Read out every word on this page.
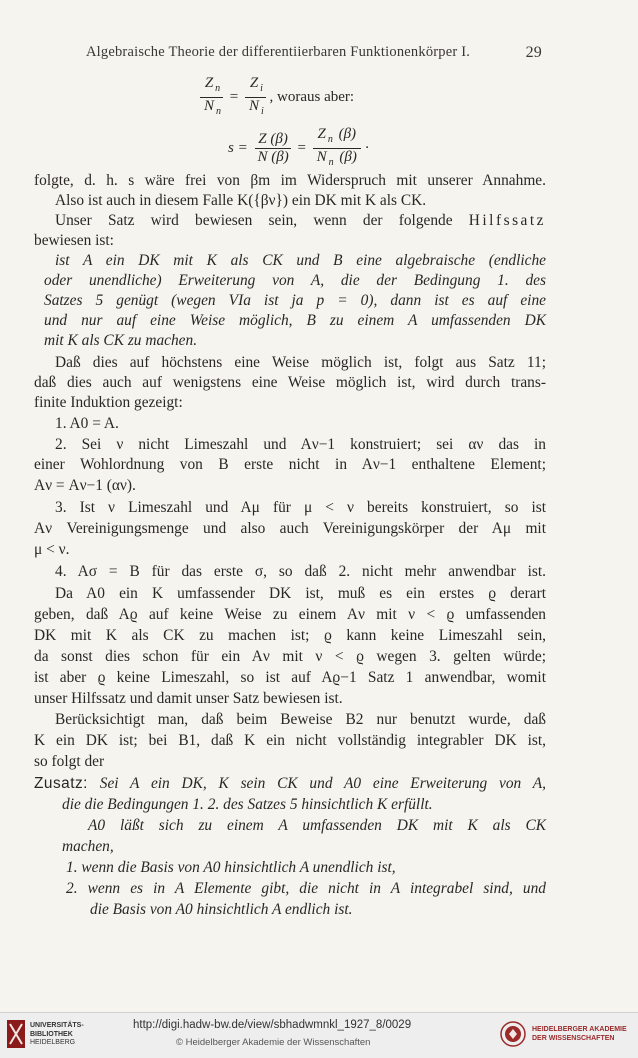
Algebraische Theorie der differentiierbaren Funktionenkörper I.	29
$\frac{Z _n}{N _n} = \frac{Z _i}{N _i}$ , woraus aber:
$s = \frac{Z (\beta)}{N (\beta)} = \frac{Z _n (\beta)}{N _n (\beta)}$ ·
folgte, d. h. s wäre frei von βm im Widerspruch mit unserer Annahme.
Also ist auch in diesem Falle K({βν}) ein DK mit K als CK.
Unser Satz wird bewiesen sein, wenn der folgende Hilfssatz
bewiesen ist:
ist A ein DK mit K als CK und B eine algebraische (endliche
oder unendliche) Erweiterung von A, die der Bedingung 1. des
Satzes 5 genügt (wegen VIa ist ja p = 0), dann ist es auf eine
und nur auf eine Weise möglich, B zu einem A umfassenden DK
mit K als CK zu machen.
Daß dies auf höchstens eine Weise möglich ist, folgt aus Satz 11;
daß dies auch auf wenigstens eine Weise möglich ist, wird durch trans-
finite Induktion gezeigt:
1. A0 = A.
2. Sei ν nicht Limeszahl und Aν−1 konstruiert; sei αν das in
einer Wohlordnung von B erste nicht in Aν−1 enthaltene Element;
Aν = Aν−1 (αν).
3. Ist ν Limeszahl und Aμ für μ < ν bereits konstruiert, so ist
Aν Vereinigungsmenge und also auch Vereinigungskörper der Aμ mit
μ < ν.
4. Aσ = B für das erste σ, so daß 2. nicht mehr anwendbar ist.
Da A0 ein K umfassender DK ist, muß es ein erstes ϱ derart
geben, daß Aϱ auf keine Weise zu einem Aν mit ν < ϱ umfassenden
DK mit K als CK zu machen ist; ϱ kann keine Limeszahl sein,
da sonst dies schon für ein Aν mit ν < ϱ wegen 3. gelten würde;
ist aber ϱ keine Limeszahl, so ist auf Aϱ−1 Satz 1 anwendbar, womit
unser Hilfssatz und damit unser Satz bewiesen ist.
Berücksichtigt man, daß beim Beweise B2 nur benutzt wurde, daß
K ein DK ist; bei B1, daß K ein nicht vollständig integrabler DK ist,
so folgt der
Zusatz: Sei A ein DK, K sein CK und A0 eine Erweiterung von A,
die die Bedingungen 1. 2. des Satzes 5 hinsichtlich K erfüllt.
A0 läßt sich zu einem A umfassenden DK mit K als CK
machen,
1. wenn die Basis von A0 hinsichtlich A unendlich ist,
2. wenn es in A Elemente gibt, die nicht in A integrabel sind, und
die Basis von A0 hinsichtlich A endlich ist.
UNIVERSITÄTS-
BIBLIOTHEK
HEIDELBERG
http://digi.hadw-bw.de/view/sbhadwmnkl_1927_8/0029
© Heidelberger Akademie der Wissenschaften
HEIDELBERGER AKADEMIE
DER WISSENSCHAFTEN
